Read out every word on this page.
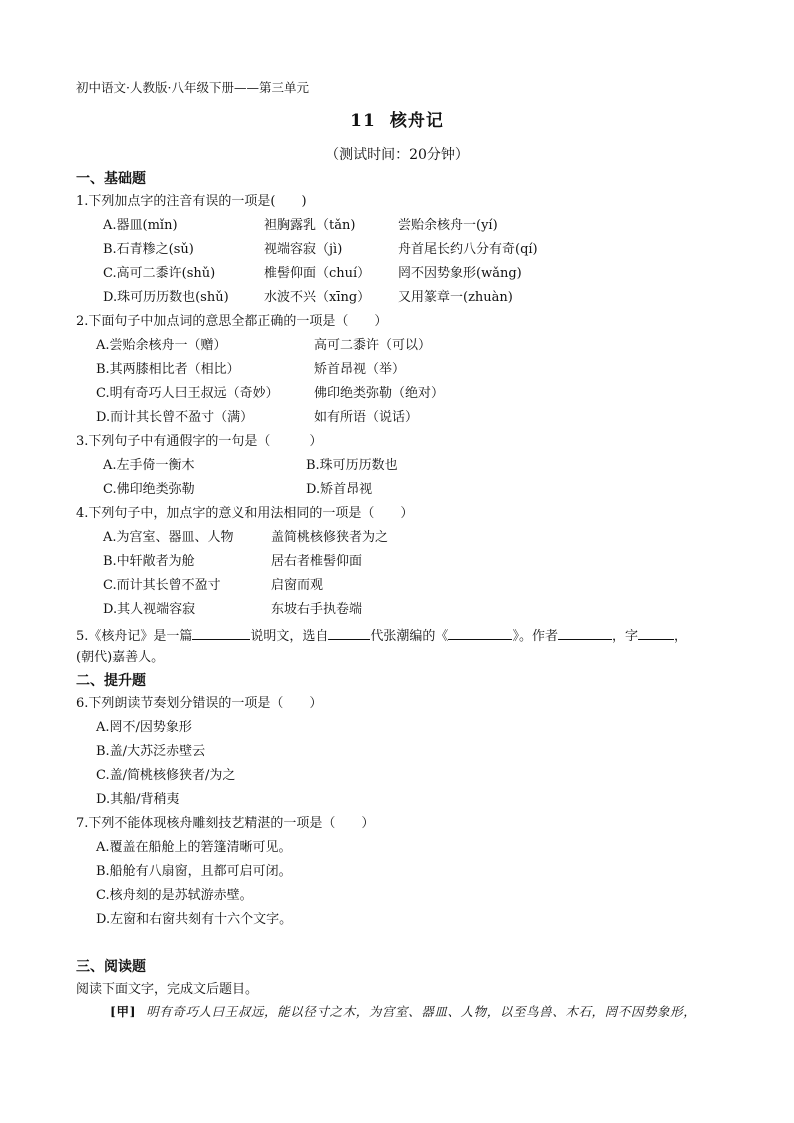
初中语文·人教版·八年级下册——第三单元
11 核舟记
（测试时间：20分钟）
一、基础题
1.下列加点字的注音有误的一项是(　　)
A.器皿(mǐn)	袒胸露乳（tǎn)	尝贻余核舟一(yí)
B.石青糁之(sǔ)	视端容寂（jì)	舟首尾长约八分有奇(qí)
C.高可二黍许(shǔ)	椎髻仰面（chuí） 罔不因势象形(wǎng)
D.珠可历历数也(shǔ)	水波不兴（xīng） 又用篆章一(zhuàn)
2.下面句子中加点词的意思全都正确的一项是（　　）
A.尝贻余核舟一（赠）	高可二黍许（可以）
B.其两膝相比者（相比）	矫首昂视（举）
C.明有奇巧人曰王叔远（奇妙）	佛印绝类弥勒（绝对）
D.而计其长曾不盈寸（满）	如有所语（说话）
3.下列句子中有通假字的一句是（　　　）
A.左手倚一衡木	B.珠可历历数也
C.佛印绝类弥勒	D.矫首昂视
4.下列句子中，加点字的意义和用法相同的一项是（　　）
A.为宫室、器皿、人物	盖简桃核修狭者为之
B.中轩敞者为舱	居右者椎髻仰面
C.而计其长曾不盈寸	启窗而观
D.其人视端容寂	东坡右手执卷端
5.《核舟记》是一篇	说明文，选自	代张潮编的《	》。作者	，字	，
(朝代)嘉善人。
二、提升题
6.下列朗读节奏划分错误的一项是（　　）
A.罔不/因势象形
B.盖/大苏泛赤壁云
C.盖/简桃核修狭者/为之
D.其船/背稍夷
7.下列不能体现核舟雕刻技艺精湛的一项是（　　）
A.覆盖在船舱上的箬篷清晰可见。
B.船舱有八扇窗，且都可启可闭。
C.核舟刻的是苏轼游赤壁。
D.左窗和右窗共刻有十六个文字。
三、阅读题
阅读下面文字，完成文后题目。
[甲] 明有奇巧人曰王叔远，能以径寸之木，为宫室、器皿、人物，以至鸟兽、木石，罔不因势象形，
